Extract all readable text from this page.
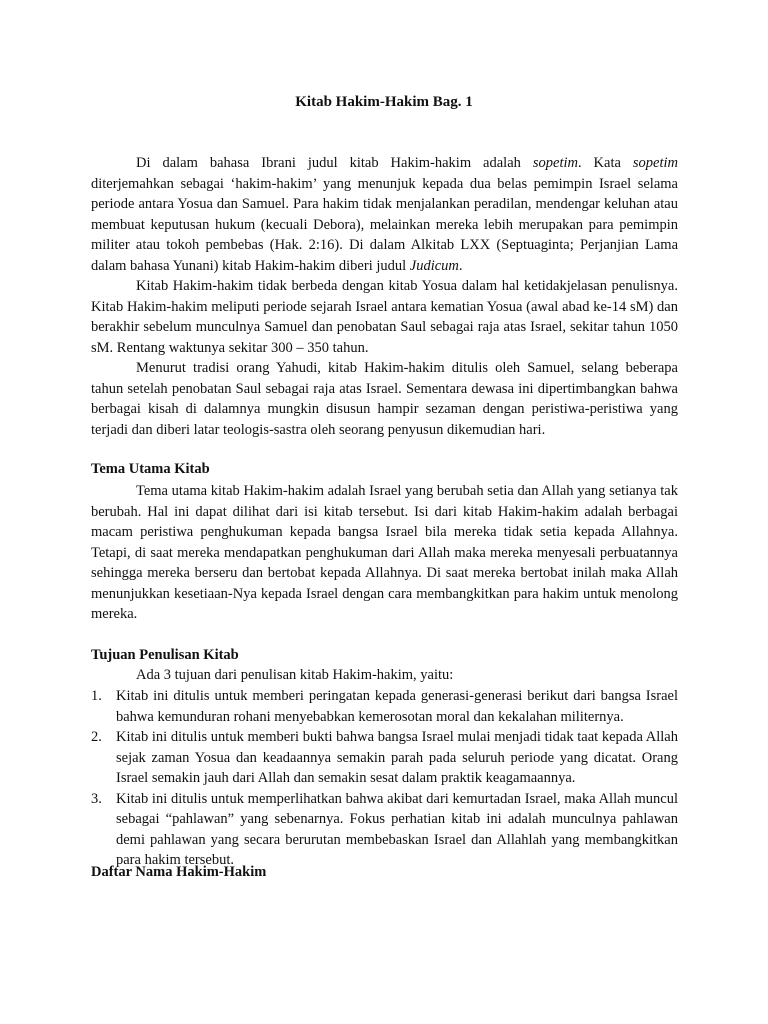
Kitab Hakim-Hakim Bag. 1

Di dalam bahasa Ibrani judul kitab Hakim-hakim adalah sopetim. Kata sopetim diterjemahkan sebagai ‘hakim-hakim’ yang menunjuk kepada dua belas pemimpin Israel selama periode antara Yosua dan Samuel. Para hakim tidak menjalankan peradilan, mendengar keluhan atau membuat keputusan hukum (kecuali Debora), melainkan mereka lebih merupakan para pemimpin militer atau tokoh pembebas (Hak. 2:16). Di dalam Alkitab LXX (Septuaginta; Perjanjian Lama dalam bahasa Yunani) kitab Hakim-hakim diberi judul Judicum.

Kitab Hakim-hakim tidak berbeda dengan kitab Yosua dalam hal ketidakjelasan penulisnya. Kitab Hakim-hakim meliputi periode sejarah Israel antara kematian Yosua (awal abad ke-14 sM) dan berakhir sebelum munculnya Samuel dan penobatan Saul sebagai raja atas Israel, sekitar tahun 1050 sM. Rentang waktunya sekitar 300 – 350 tahun.

Menurut tradisi orang Yahudi, kitab Hakim-hakim ditulis oleh Samuel, selang beberapa tahun setelah penobatan Saul sebagai raja atas Israel. Sementara dewasa ini dipertimbangkan bahwa berbagai kisah di dalamnya mungkin disusun hampir sezaman dengan peristiwa-peristiwa yang terjadi dan diberi latar teologis-sastra oleh seorang penyusun dikemudian hari.

Tema Utama Kitab

Tema utama kitab Hakim-hakim adalah Israel yang berubah setia dan Allah yang setianya tak berubah. Hal ini dapat dilihat dari isi kitab tersebut. Isi dari kitab Hakim-hakim adalah berbagai macam peristiwa penghukuman kepada bangsa Israel bila mereka tidak setia kepada Allahnya. Tetapi, di saat mereka mendapatkan penghukuman dari Allah maka mereka menyesali perbuatannya sehingga mereka berseru dan bertobat kepada Allahnya. Di saat mereka bertobat inilah maka Allah menunjukkan kesetiaan-Nya kepada Israel dengan cara membangkitkan para hakim untuk menolong mereka.

Tujuan Penulisan Kitab
Ada 3 tujuan dari penulisan kitab Hakim-hakim, yaitu:
1. Kitab ini ditulis untuk memberi peringatan kepada generasi-generasi berikut dari bangsa Israel bahwa kemunduran rohani menyebabkan kemerosotan moral dan kekalahan militernya.
2. Kitab ini ditulis untuk memberi bukti bahwa bangsa Israel mulai menjadi tidak taat kepada Allah sejak zaman Yosua dan keadaannya semakin parah pada seluruh periode yang dicatat. Orang Israel semakin jauh dari Allah dan semakin sesat dalam praktik keagamaannya.
3. Kitab ini ditulis untuk memperlihatkan bahwa akibat dari kemurtadan Israel, maka Allah muncul sebagai “pahlawan” yang sebenarnya. Fokus perhatian kitab ini adalah munculnya pahlawan demi pahlawan yang secara berurutan membebaskan Israel dan Allahlah yang membangkitkan para hakim tersebut.
Daftar Nama Hakim-Hakim
